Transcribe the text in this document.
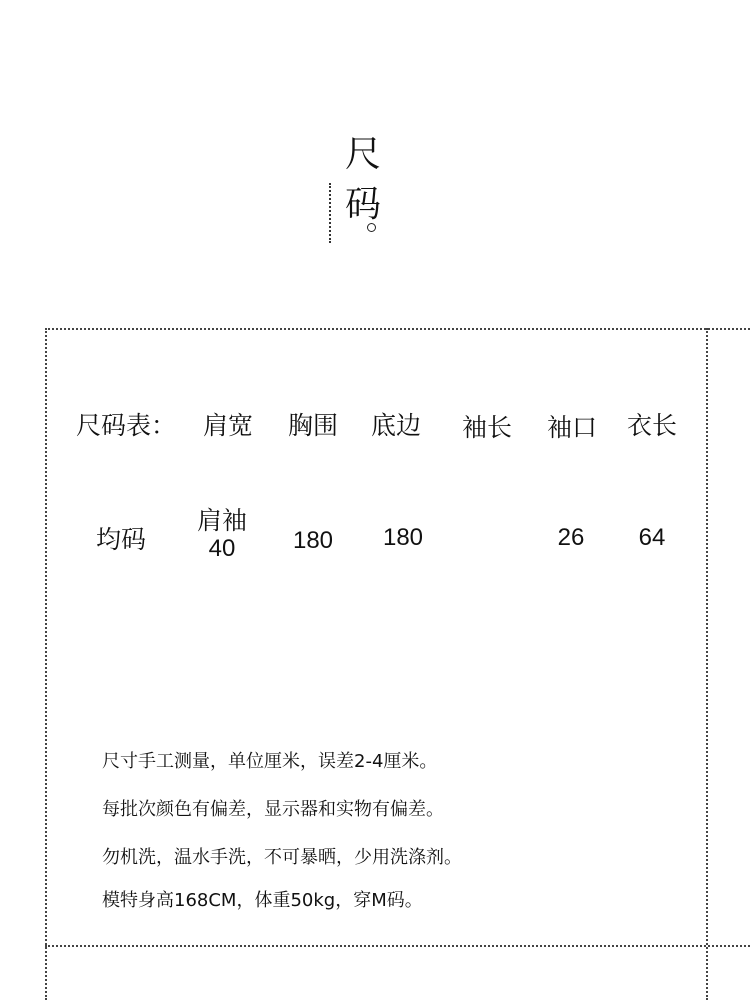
尺
码
尺码表： 肩宽 胸围 底边 袖长 袖口 衣长
均码
肩袖
40	180 180	26 64
尺寸手工测量，单位厘米，误差2-4厘米。
每批次颜色有偏差，显示器和实物有偏差。
勿机洗，温水手洗，不可暴晒，少用洗涤剂。
模特身高168CM，体重50kg，穿M码。
